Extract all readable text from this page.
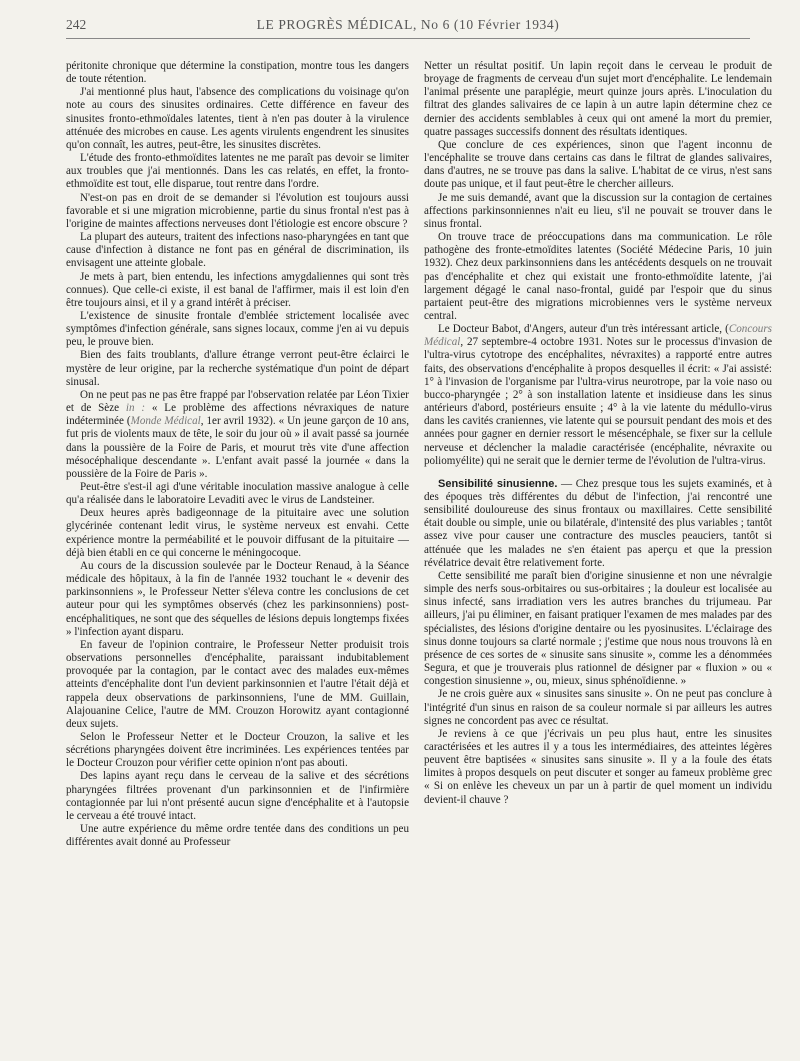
242	LE PROGRÈS MÉDICAL, No 6 (10 Février 1934)

péritonite chronique que détermine la constipation, montre tous les dangers de toute rétention.

J'ai mentionné plus haut, l'absence des complications du voisinage qu'on note au cours des sinusites ordinaires. Cette différence en faveur des sinusites fronto-ethmoïdales latentes, tient à n'en pas douter à la virulence atténuée des microbes en cause. Les agents virulents engendrent les sinusites qu'on connaît, les autres, peut-être, les sinusites discrètes.

L'étude des fronto-ethmoïdites latentes ne me paraît pas devoir se limiter aux troubles que j'ai mentionnés. Dans les cas relatés, en effet, la fronto-ethmoïdite est tout, elle disparue, tout rentre dans l'ordre.

N'est-on pas en droit de se demander si l'évolution est toujours aussi favorable et si une migration microbienne, partie du sinus frontal n'est pas à l'origine de maintes affections nerveuses dont l'étiologie est encore obscure ?

La plupart des auteurs, traitent des infections naso-pharyngées en tant que cause d'infection à distance ne font pas en général de discrimination, ils envisagent une atteinte globale.

Je mets à part, bien entendu, les infections amygdaliennes qui sont très connues). Que celle-ci existe, il est banal de l'affirmer, mais il est loin d'en être toujours ainsi, et il y a grand intérêt à préciser.

L'existence de sinusite frontale d'emblée strictement localisée avec symptômes d'infection générale, sans signes locaux, comme j'en ai vu depuis peu, le prouve bien.

Bien des faits troublants, d'allure étrange verront peut-être éclairci le mystère de leur origine, par la recherche systématique d'un point de départ sinusal.

On ne peut pas ne pas être frappé par l'observation relatée par Léon Tixier et de Sèze in : « Le problème des affections névraxiques de nature indéterminée (Monde Médical, 1er avril 1932). « Un jeune garçon de 10 ans, fut pris de violents maux de tête, le soir du jour où » il avait passé sa journée dans la poussière de la Foire de Paris, et mourut très vite d'une affection mésocéphalique descendante ». L'enfant avait passé la journée « dans la poussière de la Foire de Paris ».

Peut-être s'est-il agi d'une véritable inoculation massive analogue à celle qu'a réalisée dans le laboratoire Levaditi avec le virus de Landsteiner.

Deux heures après badigeonnage de la pituitaire avec une solution glycérinée contenant ledit virus, le système nerveux est envahi. Cette expérience montre la perméabilité et le pouvoir diffusant de la pituitaire — déjà bien établi en ce qui concerne le méningocoque.

Au cours de la discussion soulevée par le Docteur Renaud, à la Séance médicale des hôpitaux, à la fin de l'année 1932 touchant le « devenir des parkinsonniens », le Professeur Netter s'éleva contre les conclusions de cet auteur pour qui les symptômes observés (chez les parkinsonniens) post-encéphalitiques, ne sont que des séquelles de lésions depuis longtemps fixées » l'infection ayant disparu.

En faveur de l'opinion contraire, le Professeur Netter produisit trois observations personnelles d'encéphalite, paraissant indubitablement provoquée par la contagion, par le contact avec des malades eux-mêmes atteints d'encéphalite dont l'un devient parkinsonnien et l'autre l'était déjà et rappela deux observations de parkinsonniens, l'une de MM. Guillain, Alajouanine Celice, l'autre de MM. Crouzon Horowitz ayant contagionné deux sujets.

Selon le Professeur Netter et le Docteur Crouzon, la salive et les sécrétions pharyngées doivent être incriminées. Les expériences tentées par le Docteur Crouzon pour vérifier cette opinion n'ont pas abouti.

Des lapins ayant reçu dans le cerveau de la salive et des sécrétions pharyngées filtrées provenant d'un parkinsonnien et de l'infirmière contagionnée par lui n'ont présenté aucun signe d'encéphalite et à l'autopsie le cerveau a été trouvé intact.

Une autre expérience du même ordre tentée dans des conditions un peu différentes avait donné au Professeur

Netter un résultat positif. Un lapin reçoit dans le cerveau le produit de broyage de fragments de cerveau d'un sujet mort d'encéphalite. Le lendemain l'animal présente une paraplégie, meurt quinze jours après. L'inoculation du filtrat des glandes salivaires de ce lapin à un autre lapin détermine chez ce dernier des accidents semblables à ceux qui ont amené la mort du premier, quatre passages successifs donnent des résultats identiques.

Que conclure de ces expériences, sinon que l'agent inconnu de l'encéphalite se trouve dans certains cas dans le filtrat de glandes salivaires, dans d'autres, ne se trouve pas dans la salive. L'habitat de ce virus, n'est sans doute pas unique, et il faut peut-être le chercher ailleurs.

Je me suis demandé, avant que la discussion sur la contagion de certaines affections parkinsonniennes n'ait eu lieu, s'il ne pouvait se trouver dans le sinus frontal.

On trouve trace de préoccupations dans ma communication. Le rôle pathogène des fronte-etmoïdites latentes (Société Médecine Paris, 10 juin 1932). Chez deux parkinsonniens dans les antécédents desquels on ne trouvait pas d'encéphalite et chez qui existait une fronto-ethmoïdite latente, j'ai largement dégagé le canal naso-frontal, guidé par l'espoir que du sinus partaient peut-être des migrations microbiennes vers le système nerveux central.

Le Docteur Babot, d'Angers, auteur d'un très intéressant article, (Concours Médical, 27 septembre-4 octobre 1931. Notes sur le processus d'invasion de l'ultra-virus cytotrope des encéphalites, névraxites) a rapporté entre autres faits, des observations d'encéphalite à propos desquelles il écrit: « J'ai assisté: 1° à l'invasion de l'organisme par l'ultra-virus neurotrope, par la voie naso ou bucco-pharyngée ; 2° à son installation latente et insidieuse dans les sinus antérieurs d'abord, postérieurs ensuite ; 4° à la vie latente du médullo-virus dans les cavités craniennes, vie latente qui se poursuit pendant des mois et des années pour gagner en dernier ressort le mésencéphale, se fixer sur la cellule nerveuse et déclencher la maladie caractérisée (encéphalite, névraxite ou poliomyélite) qui ne serait que le dernier terme de l'évolution de l'ultra-virus.

Sensibilité sinusienne. — Chez presque tous les sujets examinés, et à des époques très différentes du début de l'infection, j'ai rencontré une sensibilité douloureuse des sinus frontaux ou maxillaires. Cette sensibilité était double ou simple, unie ou bilatérale, d'intensité des plus variables ; tantôt assez vive pour causer une contracture des muscles peauciers, tantôt si atténuée que les malades ne s'en étaient pas aperçu et que la pression révélatrice devait être relativement forte.

Cette sensibilité me paraît bien d'origine sinusienne et non une névralgie simple des nerfs sous-orbitaires ou sus-orbitaires ; la douleur est localisée au sinus infecté, sans irradiation vers les autres branches du trijumeau. Par ailleurs, j'ai pu éliminer, en faisant pratiquer l'examen de mes malades par des spécialistes, des lésions d'origine dentaire ou les pyosinusites. L'éclairage des sinus donne toujours sa clarté normale ; j'estime que nous nous trouvons là en présence de ces sortes de « sinusite sans sinusite », comme les a dénommées Segura, et que je trouverais plus rationnel de désigner par « fluxion » ou « congestion sinusienne », ou, mieux, sinus sphénoïdienne. »

Je ne crois guère aux « sinusites sans sinusite ». On ne peut pas conclure à l'intégrité d'un sinus en raison de sa couleur normale si par ailleurs les autres signes ne concordent pas avec ce résultat.

Je reviens à ce que j'écrivais un peu plus haut, entre les sinusites caractérisées et les autres il y a tous les intermédiaires, des atteintes légères peuvent être baptisées « sinusites sans sinusite ». Il y a la foule des états limites à propos desquels on peut discuter et songer au fameux problème grec « Si on enlève les cheveux un par un à partir de quel moment un individu devient-il chauve ?
